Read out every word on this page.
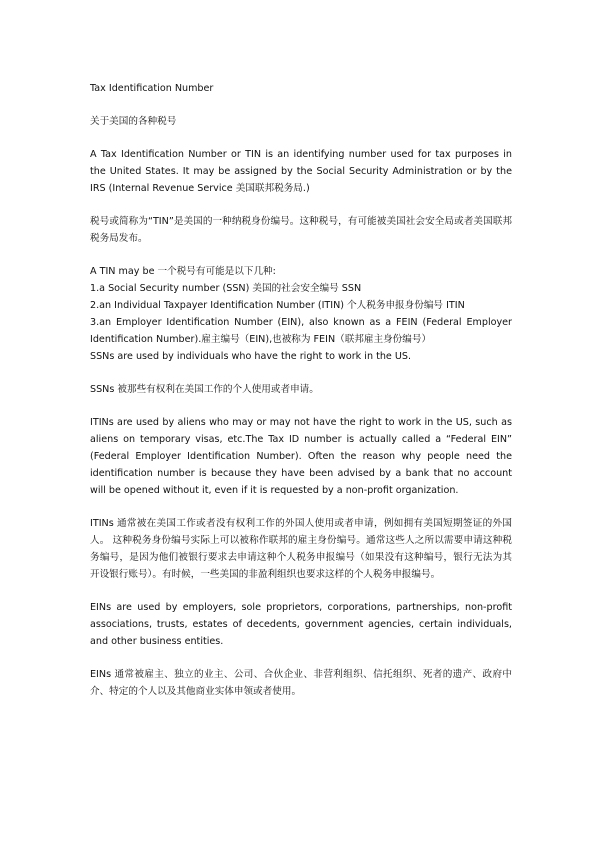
Tax Identification Number

关于美国的各种税号

A Tax Identification Number or TIN is an identifying number used for tax purposes in the United States. It may be assigned by the Social Security Administration or by the IRS (Internal Revenue Service 美国联邦税务局.)

税号或简称为“TIN”是美国的一种纳税身份编号。这种税号，有可能被美国社会安全局或者美国联邦税务局发布。

A TIN may be 一个税号有可能是以下几种:
1.a Social Security number (SSN) 美国的社会安全编号 SSN
2.an Individual Taxpayer Identification Number (ITIN) 个人税务申报身份编号 ITIN
3.an Employer Identification Number (EIN), also known as a FEIN (Federal Employer Identification Number).雇主编号（EIN),也被称为 FEIN（联邦雇主身份编号）

SSNs are used by individuals who have the right to work in the US.

SSNs 被那些有权利在美国工作的个人使用或者申请。

ITINs are used by aliens who may or may not have the right to work in the US, such as aliens on temporary visas, etc.The Tax ID number is actually called a “Federal EIN” (Federal Employer Identification Number). Often the reason why people need the identification number is because they have been advised by a bank that no account will be opened without it, even if it is requested by a non-profit organization.

ITINs 通常被在美国工作或者没有权利工作的外国人使用或者申请，例如拥有美国短期签证的外国人。 这种税务身份编号实际上可以被称作联邦的雇主身份编号。通常这些人之所以需要申请这种税务编号，是因为他们被银行要求去申请这种个人税务申报编号（如果没有这种编号，银行无法为其开设银行账号）。有时候，一些美国的非盈利组织也要求这样的个人税务申报编号。

EINs are used by employers, sole proprietors, corporations, partnerships, non-profit associations, trusts, estates of decedents, government agencies, certain individuals, and other business entities.

EINs 通常被雇主、独立的业主、公司、合伙企业、非营利组织、信托组织、死者的遗产、政府中介、特定的个人以及其他商业实体申领或者使用。
